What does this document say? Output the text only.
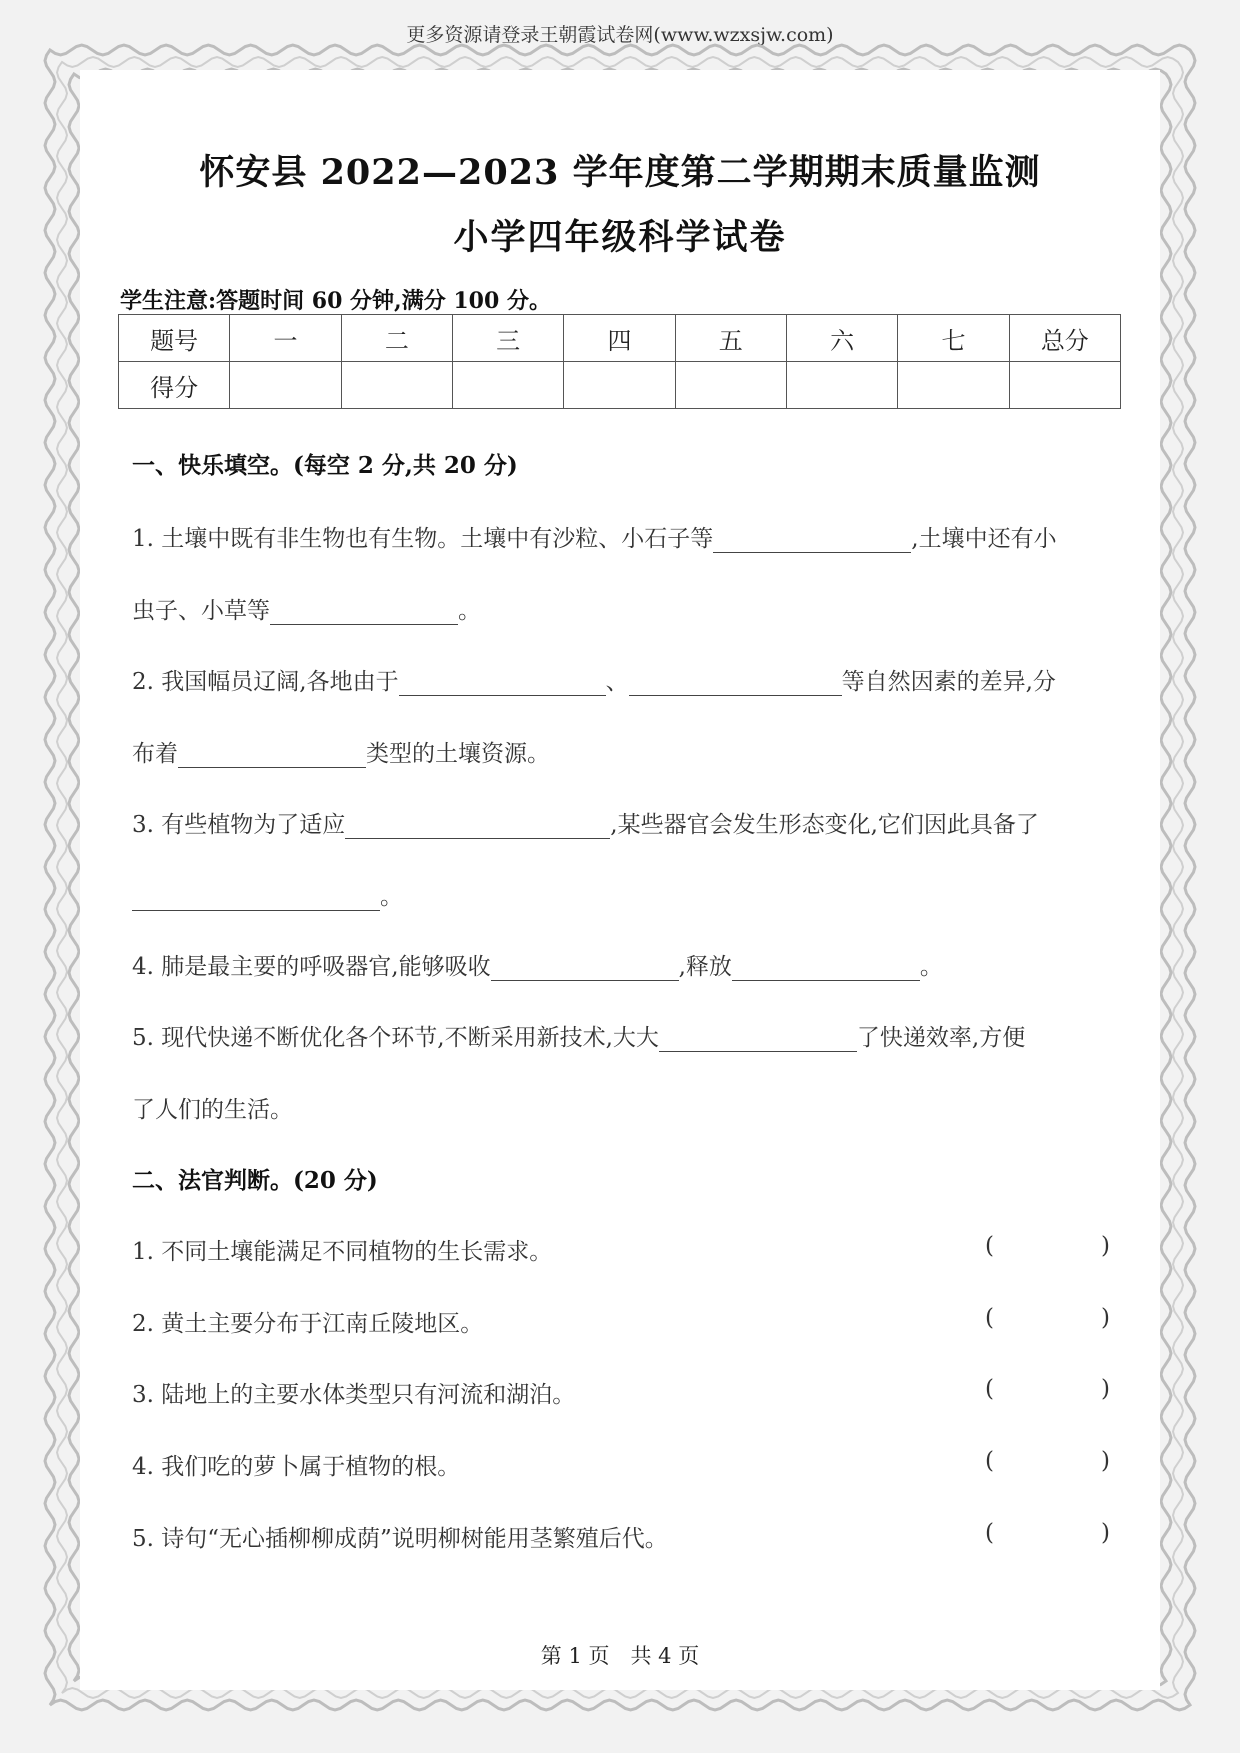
更多资源请登录王朝霞试卷网(www.wzxsjw.com)
怀安县 2022—2023 学年度第二学期期末质量监测
小学四年级科学试卷
学生注意:答题时间 60 分钟,满分 100 分。
题号	一	二	三	四	五	六	七	总分
得分								
一、快乐填空。(每空 2 分,共 20 分)
1. 土壤中既有非生物也有生物。土壤中有沙粒、小石子等	,土壤中还有小
虫子、小草等	。
2. 我国幅员辽阔,各地由于	、	等自然因素的差异,分
布着	类型的土壤资源。
3. 有些植物为了适应	,某些器官会发生形态变化,它们因此具备了
。
4. 肺是最主要的呼吸器官,能够吸收	,释放	。
5. 现代快递不断优化各个环节,不断采用新技术,大大	了快递效率,方便
了人们的生活。
二、法官判断。(20 分)
1. 不同土壤能满足不同植物的生长需求。	(	)
2. 黄土主要分布于江南丘陵地区。	(	)
3. 陆地上的主要水体类型只有河流和湖泊。	(	)
4. 我们吃的萝卜属于植物的根。	(	)
5. 诗句“无心插柳柳成荫”说明柳树能用茎繁殖后代。	(	)
第 1 页　共 4 页
